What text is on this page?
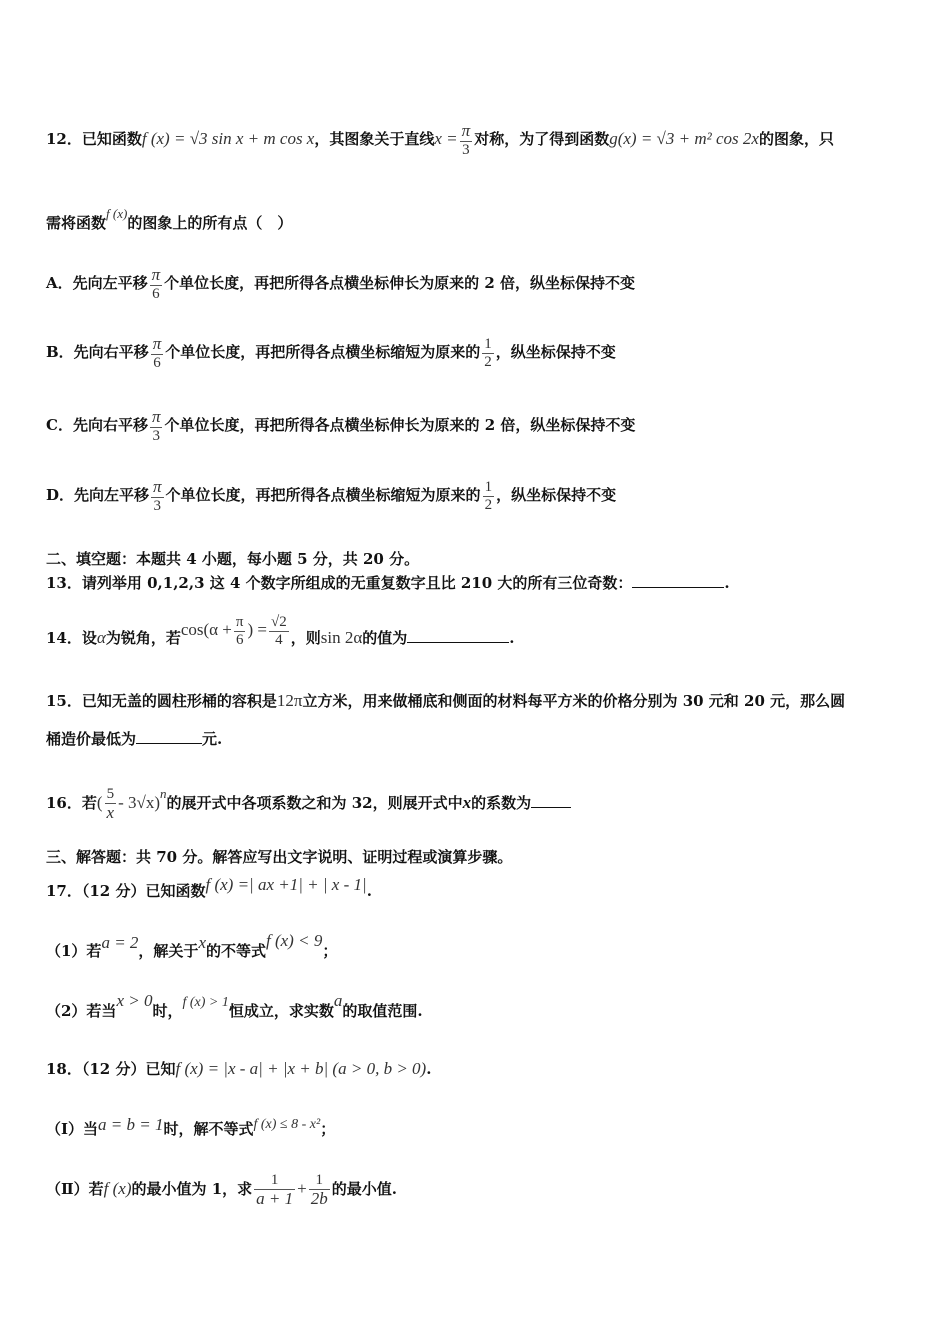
12．已知函数f (x) = √3 sin x + m cos x，其图象关于直线$x = \frac{\pi}{3}$ 对称，为了得到函数g(x) = √3 + m² cos 2x的图象，只
需将函数f (x)的图象上的所有点（　）
A．先向左平移 $\frac{\pi}{6}$ 个单位长度，再把所得各点横坐标伸长为原来的 2 倍，纵坐标保持不变
B．先向右平移 $\frac{\pi}{6}$ 个单位长度，再把所得各点横坐标缩短为原来的 $\frac{1}{2}$ ，纵坐标保持不变
C．先向右平移 $\frac{\pi}{3}$ 个单位长度，再把所得各点横坐标伸长为原来的 2 倍，纵坐标保持不变
D．先向左平移 $\frac{\pi}{3}$ 个单位长度，再把所得各点横坐标缩短为原来的 $\frac{1}{2}$ ，纵坐标保持不变
二、填空题：本题共 4 小题，每小题 5 分，共 20 分。
13．请列举用 0,1,2,3 这 4 个数字所组成的无重复数字且比 210 大的所有三位奇数：	.
14．设α为锐角，若$\cos(\alpha + \frac{\pi}{6}$ ) = $\frac{√2}{4}$ ，则sin 2α的值为	.
15．已知无盖的圆柱形桶的容积是12π立方米，用来做桶底和侧面的材料每平方米的价格分别为 30 元和 20 元，那么圆
桶造价最低为	元.
16．若( $\frac{5}{x} - 3√x)^n$的展开式中各项系数之和为 32，则展开式中x的系数为
三、解答题：共 70 分。解答应写出文字说明、证明过程或演算步骤。
17．（12 分）已知函数f (x) =| ax +1| + | x - 1|.
（1）若a = 2，解关于x的不等式f (x) < 9；
（2）若当x > 0时，f (x) > 1恒成立，求实数a的取值范围.
18．（12 分）已知f (x) = |x - a| + |x + b| (a > 0, b > 0).
（Ⅰ）当a = b = 1时，解不等式f (x) ≤ 8 - x²；
（Ⅱ）若f (x)的最小值为 1，求 $\frac{1}{a + 1} + \frac{1}{2b}$ 的最小值.
